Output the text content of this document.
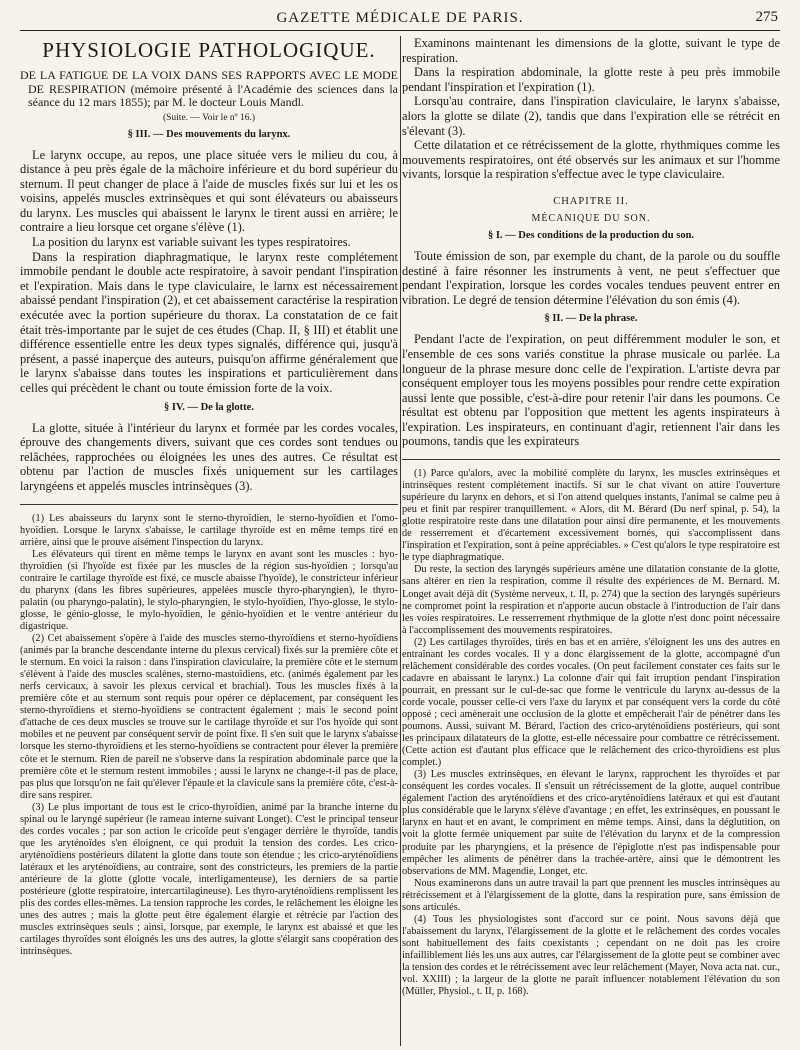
GAZETTE MÉDICALE DE PARIS.	275
PHYSIOLOGIE PATHOLOGIQUE.
DE LA FATIGUE DE LA VOIX DANS SES RAPPORTS AVEC LE MODE DE RESPIRATION (mémoire présenté à l'Académie des sciences dans la séance du 12 mars 1855); par M. le docteur Louis Mandl.
(Suite. — Voir le nº 16.)
§ III. — Des mouvements du larynx.

Le larynx occupe, au repos, une place située vers le milieu du cou, à distance à peu près égale de la mâchoire inférieure et du bord supérieur du sternum. Il peut changer de place à l'aide de muscles fixés sur lui et les os voisins, appelés muscles extrinsèques et qui sont élévateurs ou abaisseurs du larynx. Les muscles qui abaissent le larynx le tirent aussi en arrière; le contraire a lieu lorsque cet organe s'élève (1).

La position du larynx est variable suivant les types respiratoires.

Dans la respiration diaphragmatique, le larynx reste complétement immobile pendant le double acte respiratoire, à savoir pendant l'inspiration et l'expiration. Mais dans le type claviculaire, le larnx est nécessairement abaissé pendant l'inspiration (2), et cet abaissement caractérise la respiration exécutée avec la portion supérieure du thorax. La constatation de ce fait était très-importante par le sujet de ces études (Chap. II, § III) et établit une différence essentielle entre les deux types signalés, différence qui, jusqu'à présent, a passé inaperçue des auteurs, puisqu'on affirme généralement que le larynx s'abaisse dans toutes les inspirations et particulièrement dans celles qui précèdent le chant ou toute émission forte de la voix.

§ IV. — De la glotte.

La glotte, située à l'intérieur du larynx et formée par les cordes vocales, éprouve des changements divers, suivant que ces cordes sont tendues ou relâchées, rapprochées ou éloignées les unes des autres. Ce résultat est obtenu par l'action de muscles fixés uniquement sur les cartilages laryngéens et appelés muscles intrinsèques (3).

(1) Les abaisseurs du larynx sont le sterno-thyroïdien, le sterno-hyoïdien et l'omo-hyoïdien. Lorsque le larynx s'abaisse, le cartilage thyroïde est en même temps tiré en arrière, ainsi que le prouve aisément l'inspection du larynx.

Les élévateurs qui tirent en même temps le larynx en avant sont les muscles : hyo-thyroïdien (si l'hyoïde est fixée par les muscles de la région sus-hyoïdien ; lorsqu'au contraire le cartilage thyroïde est fixé, ce muscle abaisse l'hyoïde), le constricteur inférieur du pharynx (dans les fibres supérieures, appelées muscle thyro-pharyngien), le thyro-palatin (ou pharyngo-palatin), le stylo-pharyngien, le stylo-hyoïdien, l'hyo-glosse, le stylo-glosse, le génio-glosse, le mylo-hyoïdien, le génio-hyoïdien et le ventre antérieur du digastrique.

(2) Cet abaissement s'opère à l'aide des muscles sterno-thyroïdiens et sterno-hyoïdiens (animés par la branche descendante interne du plexus cervical) fixés sur la première côte et le sternum. En voici la raison : dans l'inspiration claviculaire, la première côte et le sternum s'élèvent à l'aide des muscles scalènes, sterno-mastoïdiens, etc. (animés également par les nerfs cervicaux, à savoir les plexus cervical et brachial). Tous les muscles fixés à la première côte et au sternum sont requis pour opérer ce déplacement, par conséquent les sterno-thyroïdiens et sterno-hyoïdiens se contractent également ; mais le second point d'attache de ces deux muscles se trouve sur le cartilage thyroïde et sur l'os hyoïde qui sont mobiles et ne peuvent par conséquent servir de point fixe. Il s'en suit que le larynx s'abaisse lorsque les sterno-thyroïdiens et les sterno-hyoïdiens se contractent pour élever la première côte et le sternum. Rien de pareil ne s'observe dans la respiration abdominale parce que la première côte et le sternum restent immobiles ; aussi le larynx ne change-t-il pas de place, pas plus que lorsqu'on ne fait qu'élever l'épaule et la clavicule sans la première côte, c'est-à-dire sans respirer.

(3) Le plus important de tous est le crico-thyroïdien, animé par la branche interne du spinal ou le laryngé supérieur (le rameau interne suivant Longet). C'est le principal tenseur des cordes vocales ; par son action le cricoïde peut s'engager derrière le thyroïde, tandis que les aryténoïdes s'en éloignent, ce qui produit la tension des cordes. Les crico-aryténoïdiens postérieurs dilatent la glotte dans toute son étendue ; les crico-aryténoïdiens latéraux et les aryténoïdiens, au contraire, sont des constricteurs, les premiers de la partie antérieure de la glotte (glotte vocale, interligamenteuse), les derniers de sa partie postérieure (glotte respiratoire, intercartilagineuse). Les thyro-aryténoïdiens remplissent les plis des cordes elles-mêmes. La tension rapproche les cordes, le relâchement les éloigne les unes des autres ; mais la glotte peut être également élargie et rétrécie par l'action des muscles extrinsèques seuls ; ainsi, lorsque, par exemple, le larynx est abaissé et que les cartilages thyroïdes sont éloignés les uns des autres, la glotte s'élargit sans coopération des intrinsèques.

Examinons maintenant les dimensions de la glotte, suivant le type de respiration.

Dans la respiration abdominale, la glotte reste à peu près immobile pendant l'inspiration et l'expiration (1).

Lorsqu'au contraire, dans l'inspiration claviculaire, le larynx s'abaisse, alors la glotte se dilate (2), tandis que dans l'expiration elle se rétrécit en s'élevant (3).

Cette dilatation et ce rétrécissement de la glotte, rhythmiques comme les mouvements respiratoires, ont été observés sur les animaux et sur l'homme vivants, lorsque la respiration s'effectue avec le type claviculaire.

CHAPITRE II.
MÉCANIQUE DU SON.
§ I. — Des conditions de la production du son.

Toute émission de son, par exemple du chant, de la parole ou du souffle destiné à faire résonner les instruments à vent, ne peut s'effectuer que pendant l'expiration, lorsque les cordes vocales tendues peuvent entrer en vibration. Le degré de tension détermine l'élévation du son émis (4).

§ II. — De la phrase.

Pendant l'acte de l'expiration, on peut différemment moduler le son, et l'ensemble de ces sons variés constitue la phrase musicale ou parlée. La longueur de la phrase mesure donc celle de l'expiration. L'artiste devra par conséquent employer tous les moyens possibles pour rendre cette expiration aussi lente que possible, c'est-à-dire pour retenir l'air dans les poumons. Ce résultat est obtenu par l'opposition que mettent les agents inspirateurs à l'expiration. Les inspirateurs, en continuant d'agir, retiennent l'air dans les poumons, tandis que les expirateurs

(1) Parce qu'alors, avec la mobilité complète du larynx, les muscles extrinsèques et intrinsèques restent complétement inactifs. Si sur le chat vivant on attire l'ouverture supérieure du larynx en dehors, et si l'on attend quelques instants, l'animal se calme peu à peu et finit par respirer tranquillement. « Alors, dit M. Bérard (Du nerf spinal, p. 54), la glotte respiratoire reste dans une dilatation pour ainsi dire permanente, et les mouvements de resserrement et d'écartement excessivement bornés, qui s'accomplissent dans l'inspiration et l'expiration, sont à peine appréciables. » C'est qu'alors le type respiratoire est le type diaphragmatique.

Du reste, la section des laryngés supérieurs amène une dilatation constante de la glotte, sans altérer en rien la respiration, comme il résulte des expériences de M. Bernard. M. Longet avait déjà dit (Système nerveux, t. II, p. 274) que la section des laryngés supérieurs ne compromet point la respiration et n'apporte aucun obstacle à l'introduction de l'air dans les voies respiratoires. Le resserrement rhythmique de la glotte n'est donc point nécessaire à l'accomplissement des mouvements respiratoires.

(2) Les cartilages thyroïdes, tirés en bas et en arrière, s'éloignent les uns des autres en entraînant les cordes vocales. Il y a donc élargissement de la glotte, accompagné d'un relâchement considérable des cordes vocales. (On peut facilement constater ces faits sur le cadavre en abaissant le larynx.) La colonne d'air qui fait irruption pendant l'inspiration pourrait, en pressant sur le cul-de-sac que forme le ventricule du larynx au-dessus de la corde vocale, pousser celle-ci vers l'axe du larynx et par conséquent vers la corde du côté opposé ; ceci amènerait une occlusion de la glotte et empêcherait l'air de pénétrer dans les poumons. Aussi, suivant M. Bérard, l'action des crico-aryténoïdiens postérieurs, qui sont les principaux dilatateurs de la glotte, est-elle nécessaire pour combattre ce rétrécissement. (Cette action est d'autant plus efficace que le relâchement des crico-thyroïdiens est plus complet.)

(3) Les muscles extrinsèques, en élevant le larynx, rapprochent les thyroïdes et par conséquent les cordes vocales. Il s'ensuit un rétrécissement de la glotte, auquel contribue également l'action des aryténoïdiens et des crico-aryténoïdiens latéraux et qui est d'autant plus considérable que le larynx s'élève d'avantage ; en effet, les extrinsèques, en poussant le larynx en haut et en avant, le compriment en même temps. Ainsi, dans la déglutition, on voit la glotte fermée uniquement par suite de l'élévation du larynx et de la compression produite par les pharyngiens, et la présence de l'épiglotte n'est pas indispensable pour empêcher les aliments de pénétrer dans la trachée-artère, ainsi que le démontrent les observations de MM. Magendie, Longet, etc.

Nous examinerons dans un autre travail la part que prennent les muscles intrinsèques au rétrécissement et à l'élargissement de la glotte, dans la respiration pure, sans émission de sons articulés.

(4) Tous les physiologistes sont d'accord sur ce point. Nous savons déjà que l'abaissement du larynx, l'élargissement de la glotte et le relâchement des cordes vocales sont habituellement des faits coexistants ; cependant on ne doit pas les croire infailliblement liés les uns aux autres, car l'élargissement de la glotte peut se combiner avec la tension des cordes et le rétrécissement avec leur relâchement (Mayer, Nova acta nat. cur., vol. XXIII) ; la largeur de la glotte ne paraît influencer notablement l'élévation du son (Müller, Physiol., t. II, p. 168).
